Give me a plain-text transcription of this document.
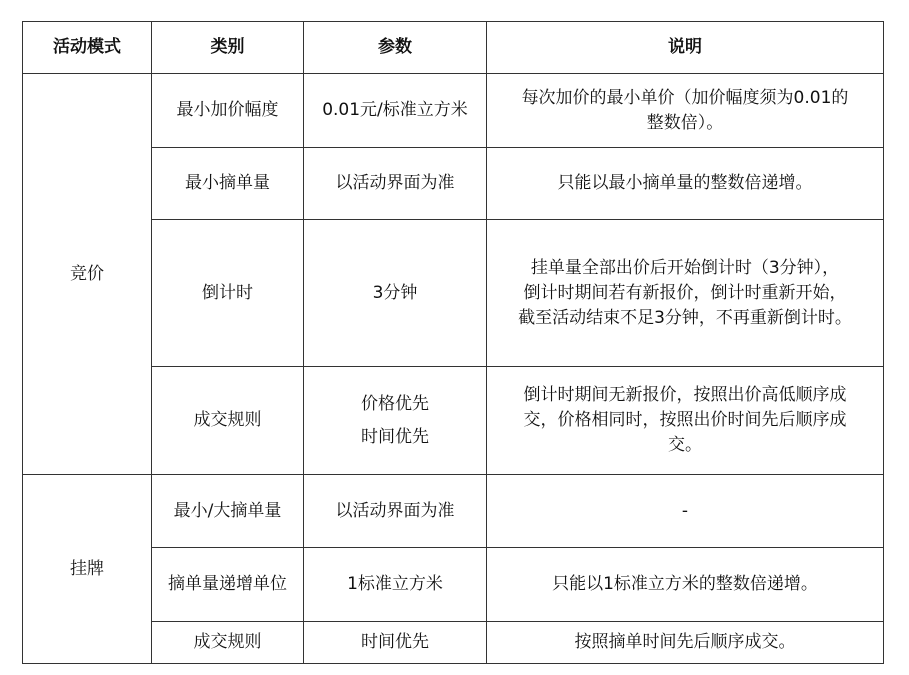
活动模式	类别	参数	说明
竞价	最小加价幅度	0.01元/标准立方米	每次加价的最小单价（加价幅度须为0.01的
整数倍）。

	最小摘单量	以活动界面为准	只能以最小摘单量的整数倍递增。
	倒计时	3分钟	挂单量全部出价后开始倒计时（3分钟），
倒计时期间若有新报价，倒计时重新开始，
截至活动结束不足3分钟，不再重新倒计时。

	成交规则	价格优先
时间优先	倒计时期间无新报价，按照出价高低顺序成
交，价格相同时，按照出价时间先后顺序成
交。

挂牌	最小/大摘单量	以活动界面为准	-
	摘单量递增单位	1标准立方米	只能以1标准立方米的整数倍递增。
	成交规则	时间优先	按照摘单时间先后顺序成交。
